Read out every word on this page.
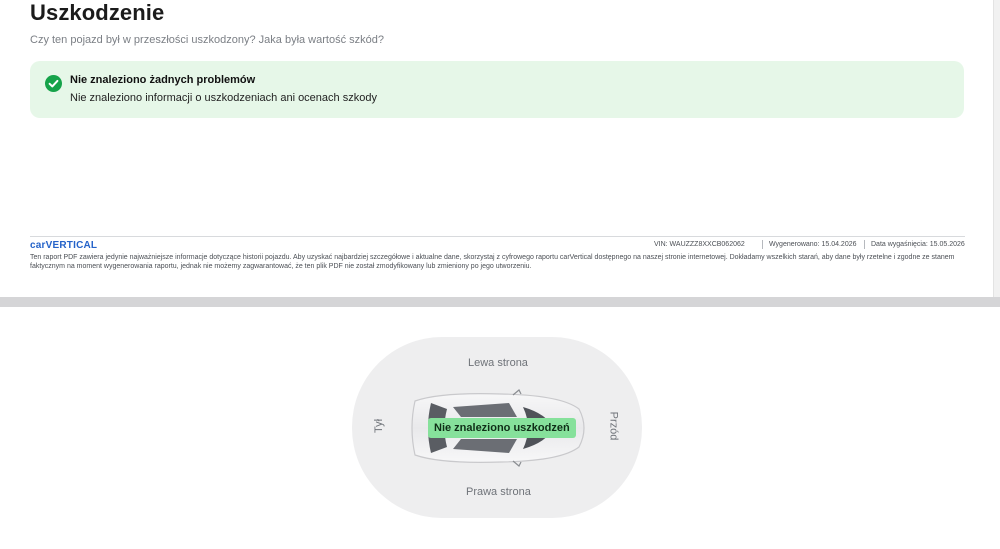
Uszkodzenie
Czy ten pojazd był w przeszłości uszkodzony? Jaka była wartość szkód?
Nie znaleziono żadnych problemów
Nie znaleziono informacji o uszkodzeniach ani ocenach szkody
carVERTICAL	VIN: WAUZZZ8XXCB062062	Wygenerowano: 15.04.2026 Data wygaśnięcia: 15.05.2026
Ten raport PDF zawiera jedynie najważniejsze informacje dotyczące historii pojazdu. Aby uzyskać najbardziej szczegółowe i aktualne dane, skorzystaj z cyfrowego raportu carVertical dostępnego na naszej stronie internetowej. Dokładamy wszelkich starań, aby dane były rzetelne i zgodne ze stanem faktycznym na moment wygenerowania raportu, jednak nie możemy zagwarantować, że ten plik PDF nie został zmodyfikowany lub zmieniony po jego utworzeniu.
Lewa strona
Prawa strona
Tył	Przód
Nie znaleziono uszkodzeń
otomoto
